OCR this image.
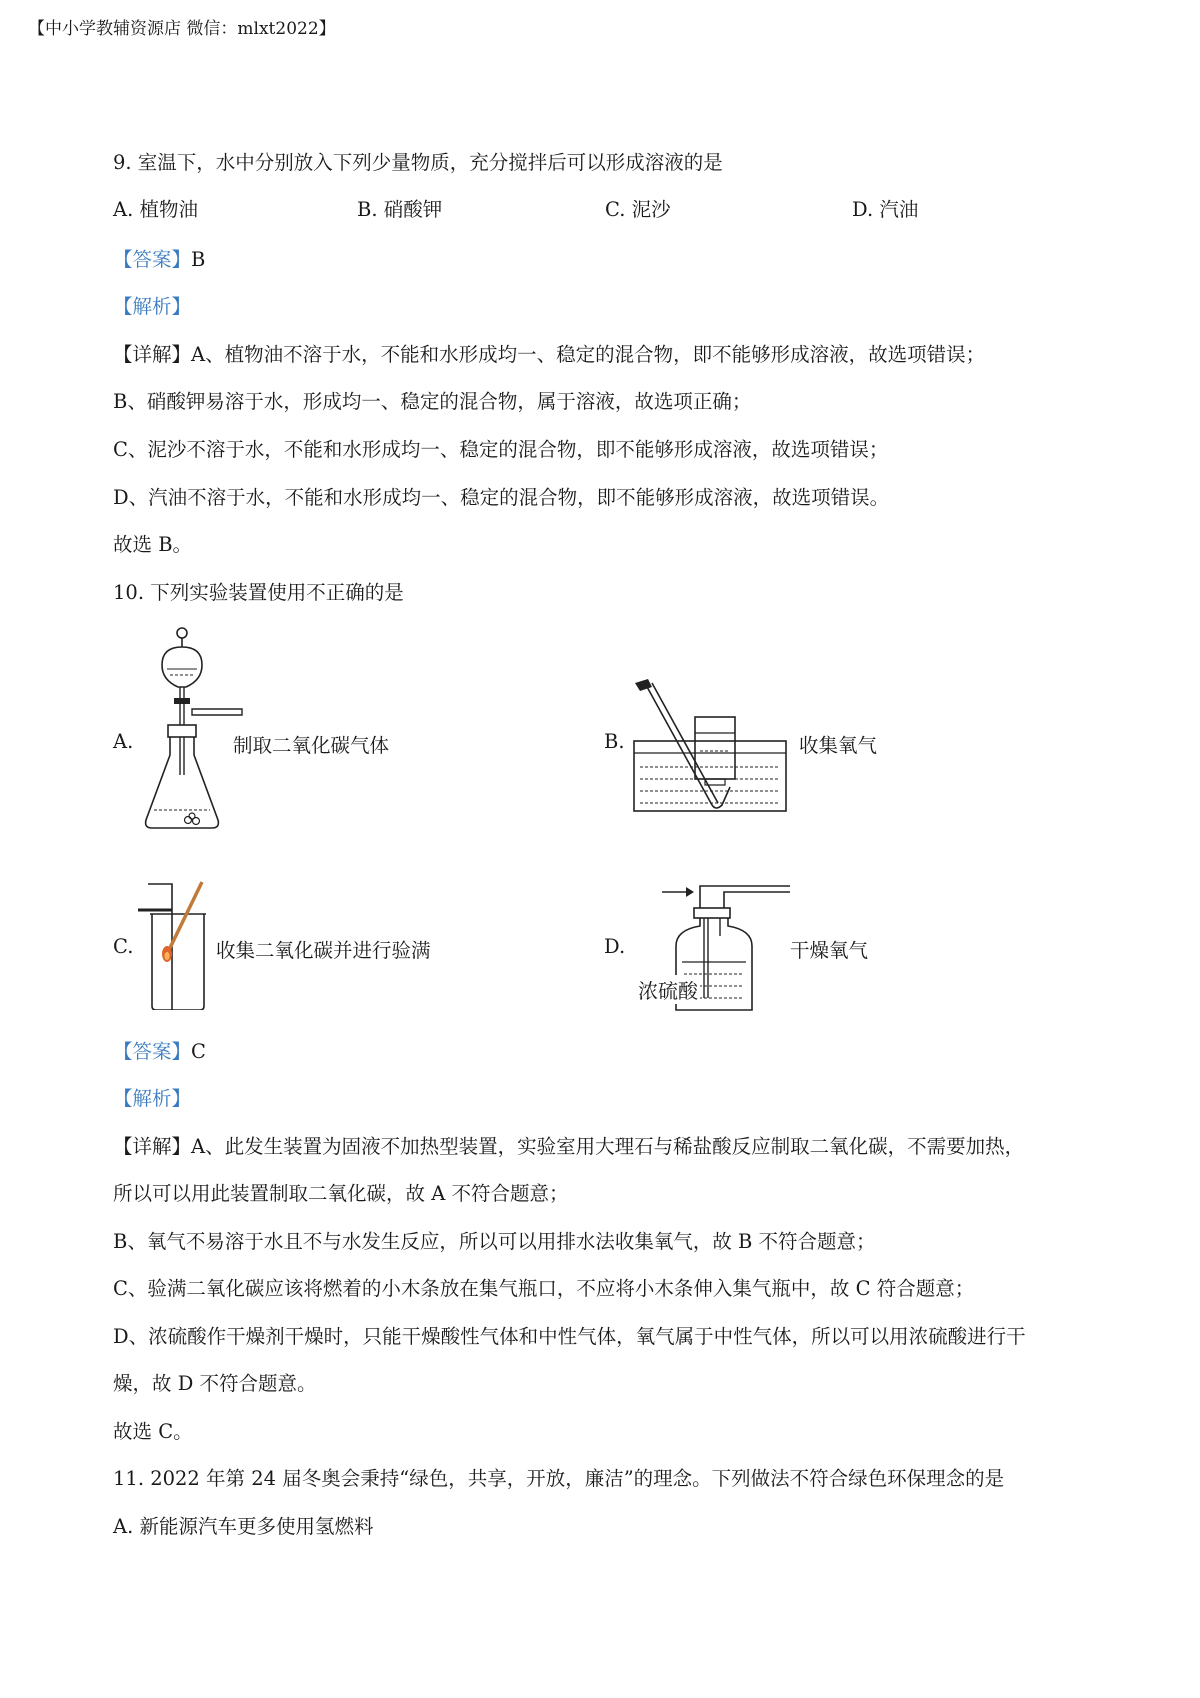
【中小学教辅资源店 微信：mlxt2022】
9. 室温下，水中分别放入下列少量物质，充分搅拌后可以形成溶液的是
A. 植物油	B. 硝酸钾	C. 泥沙	D. 汽油
【答案】B
【解析】
【详解】A、植物油不溶于水，不能和水形成均一、稳定的混合物，即不能够形成溶液，故选项错误；
B、硝酸钾易溶于水，形成均一、稳定的混合物，属于溶液，故选项正确；
C、泥沙不溶于水，不能和水形成均一、稳定的混合物，即不能够形成溶液，故选项错误；
D、汽油不溶于水，不能和水形成均一、稳定的混合物，即不能够形成溶液，故选项错误。
故选 B。
10. 下列实验装置使用不正确的是
A.	制取二氧化碳气体	B.	收集氧气
C.	收集二氧化碳并进行验满	D.
浓硫酸
干燥氧气
【答案】C
【解析】
【详解】A、此发生装置为固液不加热型装置，实验室用大理石与稀盐酸反应制取二氧化碳，不需要加热，
所以可以用此装置制取二氧化碳，故 A 不符合题意；
B、氧气不易溶于水且不与水发生反应，所以可以用排水法收集氧气，故 B 不符合题意；
C、验满二氧化碳应该将燃着的小木条放在集气瓶口，不应将小木条伸入集气瓶中，故 C 符合题意；
D、浓硫酸作干燥剂干燥时，只能干燥酸性气体和中性气体，氧气属于中性气体，所以可以用浓硫酸进行干
燥，故 D 不符合题意。
故选 C。
11. 2022 年第 24 届冬奥会秉持“绿色，共享，开放，廉洁”的理念。下列做法不符合绿色环保理念的是
A. 新能源汽车更多使用氢燃料
